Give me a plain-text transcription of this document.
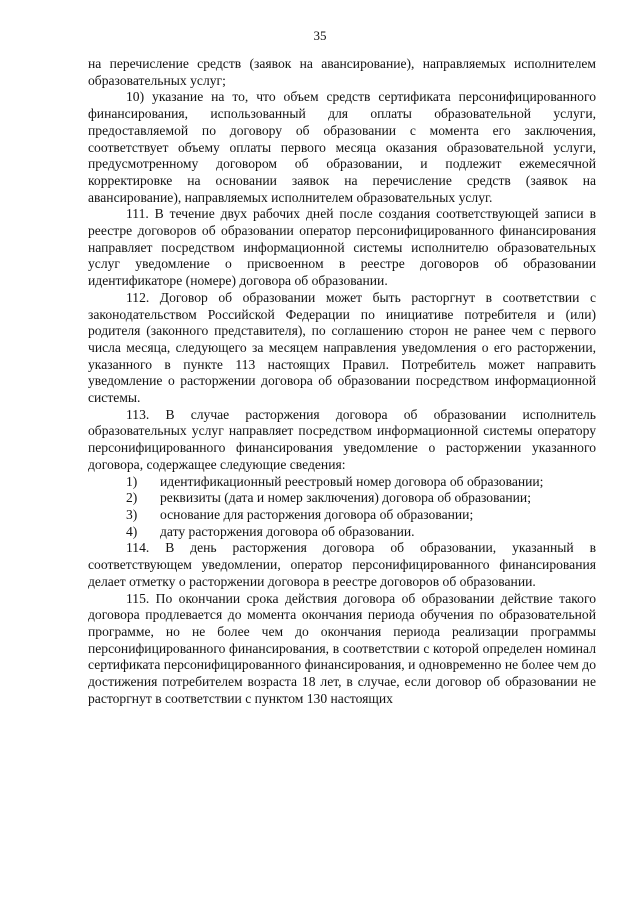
35

на перечисление средств (заявок на авансирование), направляемых исполнителем образовательных услуг;

10) указание на то, что объем средств сертификата персонифицированного финансирования, использованный для оплаты образовательной услуги, предоставляемой по договору об образовании с момента его заключения, соответствует объему оплаты первого месяца оказания образовательной услуги, предусмотренному договором об образовании, и подлежит ежемесячной корректировке на основании заявок на перечисление средств (заявок на авансирование), направляемых исполнителем образовательных услуг.

111. В течение двух рабочих дней после создания соответствующей записи в реестре договоров об образовании оператор персонифицированного финансирования направляет посредством информационной системы исполнителю образовательных услуг уведомление о присвоенном в реестре договоров об образовании идентификаторе (номере) договора об образовании.

112. Договор об образовании может быть расторгнут в соответствии с законодательством Российской Федерации по инициативе потребителя и (или) родителя (законного представителя), по соглашению сторон не ранее чем с первого числа месяца, следующего за месяцем направления уведомления о его расторжении, указанного в пункте 113 настоящих Правил. Потребитель может направить уведомление о расторжении договора об образовании посредством информационной системы.

113. В случае расторжения договора об образовании исполнитель образовательных услуг направляет посредством информационной системы оператору персонифицированного финансирования уведомление о расторжении указанного договора, содержащее следующие сведения:

1)	идентификационный реестровый номер договора об образовании;
2)	реквизиты (дата и номер заключения) договора об образовании;
3)	основание для расторжения договора об образовании;
4)	дату расторжения договора об образовании.

114. В день расторжения договора об образовании, указанный в соответствующем уведомлении, оператор персонифицированного финансирования делает отметку о расторжении договора в реестре договоров об образовании.

115. По окончании срока действия договора об образовании действие такого договора продлевается до момента окончания периода обучения по образовательной программе, но не более чем до окончания периода реализации программы персонифицированного финансирования, в соответствии с которой определен номинал сертификата персонифицированного финансирования, и одновременно не более чем до достижения потребителем возраста 18 лет, в случае, если договор об образовании не расторгнут в соответствии с пунктом 130 настоящих
